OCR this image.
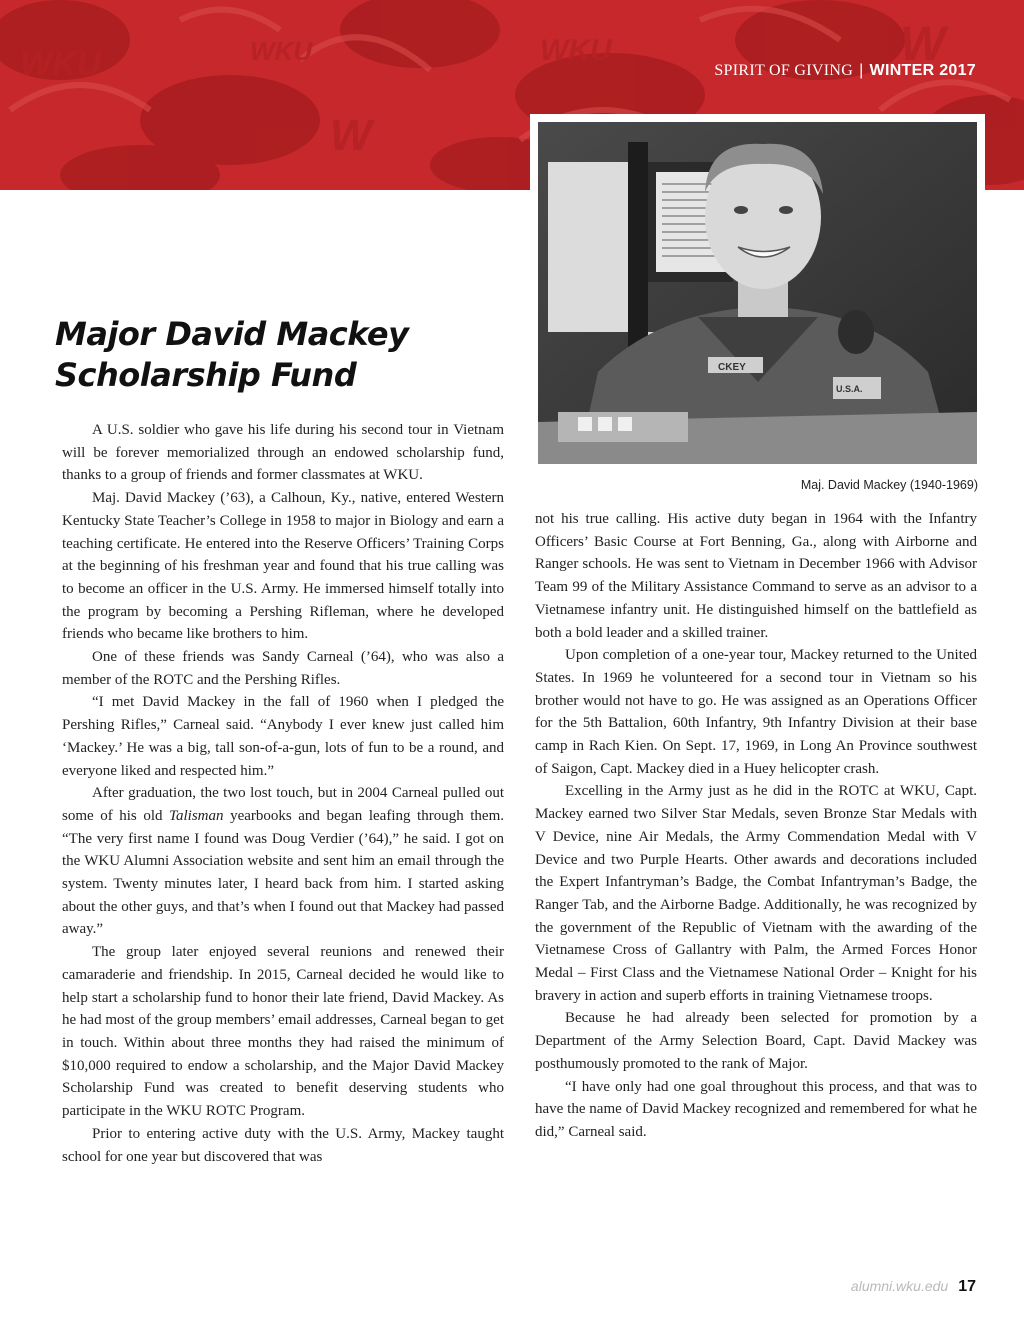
WKU
W
WKU
WKU	W
SPIRIT OF GIVING | WINTER 2017
CKEY
U.S.A.
Maj. David Mackey (1940-1969)
Major David Mackey
Scholarship Fund

A U.S. soldier who gave his life during his second tour in Vietnam will be forever memorialized through an endowed scholarship fund, thanks to a group of friends and former classmates at WKU.

Maj. David Mackey (’63), a Calhoun, Ky., native, entered Western Kentucky State Teacher’s College in 1958 to major in Biology and earn a teaching certificate. He entered into the Reserve Officers’ Training Corps at the beginning of his freshman year and found that his true calling was to become an officer in the U.S. Army. He immersed himself totally into the program by becoming a Pershing Rifleman, where he developed friends who became like brothers to him.

One of these friends was Sandy Carneal (’64), who was also a member of the ROTC and the Pershing Rifles.

“I met David Mackey in the fall of 1960 when I pledged the Pershing Rifles,” Carneal said. “Anybody I ever knew just called him ‘Mackey.’ He was a big, tall son-of-a-gun, lots of fun to be a round, and everyone liked and respected him.”

After graduation, the two lost touch, but in 2004 Carneal pulled out some of his old Talisman yearbooks and began leafing through them. “The very first name I found was Doug Verdier (’64),” he said. I got on the WKU Alumni Association website and sent him an email through the system. Twenty minutes later, I heard back from him. I started asking about the other guys, and that’s when I found out that Mackey had passed away.”

The group later enjoyed several reunions and renewed their camaraderie and friendship. In 2015, Carneal decided he would like to help start a scholarship fund to honor their late friend, David Mackey. As he had most of the group members’ email addresses, Carneal began to get in touch. Within about three months they had raised the minimum of $10,000 required to endow a scholarship, and the Major David Mackey Scholarship Fund was created to benefit deserving students who participate in the WKU ROTC Program.

Prior to entering active duty with the U.S. Army, Mackey taught school for one year but discovered that was

not his true calling. His active duty began in 1964 with the Infantry Officers’ Basic Course at Fort Benning, Ga., along with Airborne and Ranger schools. He was sent to Vietnam in December 1966 with Advisor Team 99 of the Military Assistance Command to serve as an advisor to a Vietnamese infantry unit. He distinguished himself on the battlefield as both a bold leader and a skilled trainer.

Upon completion of a one-year tour, Mackey returned to the United States. In 1969 he volunteered for a second tour in Vietnam so his brother would not have to go. He was assigned as an Operations Officer for the 5th Battalion, 60th Infantry, 9th Infantry Division at their base camp in Rach Kien. On Sept. 17, 1969, in Long An Province southwest of Saigon, Capt. Mackey died in a Huey helicopter crash.

Excelling in the Army just as he did in the ROTC at WKU, Capt. Mackey earned two Silver Star Medals, seven Bronze Star Medals with V Device, nine Air Medals, the Army Commendation Medal with V Device and two Purple Hearts. Other awards and decorations included the Expert Infantryman’s Badge, the Combat Infantryman’s Badge, the Ranger Tab, and the Airborne Badge. Additionally, he was recognized by the government of the Republic of Vietnam with the awarding of the Vietnamese Cross of Gallantry with Palm, the Armed Forces Honor Medal – First Class and the Vietnamese National Order – Knight for his bravery in action and superb efforts in training Vietnamese troops.

Because he had already been selected for promotion by a Department of the Army Selection Board, Capt. David Mackey was posthumously promoted to the rank of Major.

“I have only had one goal throughout this process, and that was to have the name of David Mackey recognized and remembered for what he did,” Carneal said.

alumni.wku.edu 17
